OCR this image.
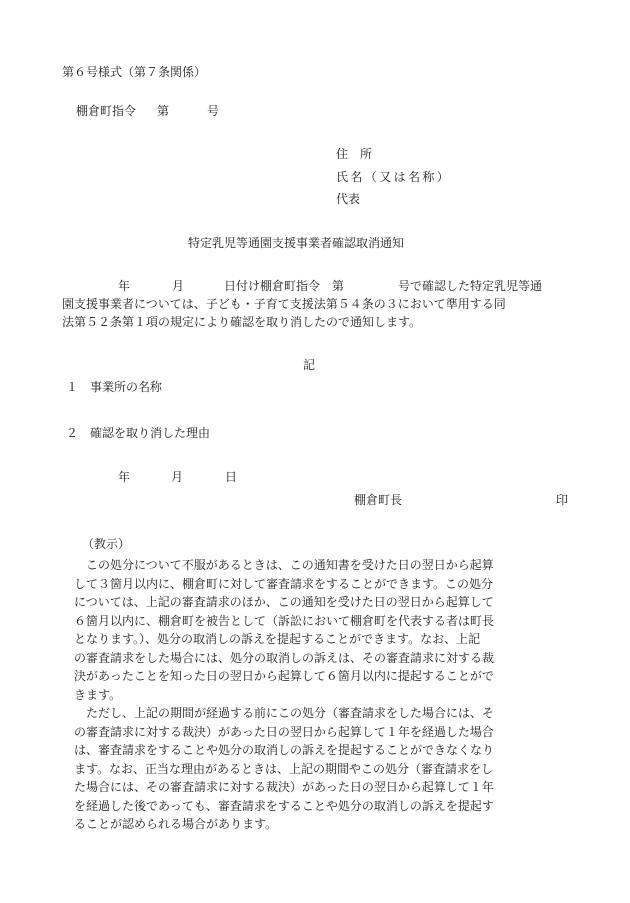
第６号様式（第７条関係）
棚倉町指令 第	号
住　所
氏名（又は名称）
代表
特定乳児等通園支援事業者確認取消通知
年	月	日付け棚倉町指令　第	号で確認した特定乳児等通
園支援事業者については、子ども・子育て支援法第５４条の３において準用する同
法第５２条第１項の規定により確認を取り消したので通知します。
記
１ 事業所の名称
２ 確認を取り消した理由
年	月	日
棚倉町長	印
（教示）
この処分について不服があるときは、この通知書を受けた日の翌日から起算
して３箇月以内に、棚倉町に対して審査請求をすることができます。この処分
については、上記の審査請求のほか、この通知を受けた日の翌日から起算して
６箇月以内に、棚倉町を被告として（訴訟において棚倉町を代表する者は町長
となります。）、処分の取消しの訴えを提起することができます。なお、上記
の審査請求をした場合には、処分の取消しの訴えは、その審査請求に対する裁
決があったことを知った日の翌日から起算して６箇月以内に提起することがで
きます。
ただし、上記の期間が経過する前にこの処分（審査請求をした場合には、そ
の審査請求に対する裁決）があった日の翌日から起算して１年を経過した場合
は、審査請求をすることや処分の取消しの訴えを提起することができなくなり
ます。なお、正当な理由があるときは、上記の期間やこの処分（審査請求をし
た場合には、その審査請求に対する裁決）があった日の翌日から起算して１年
を経過した後であっても、審査請求をすることや処分の取消しの訴えを提起す
ることが認められる場合があります。
